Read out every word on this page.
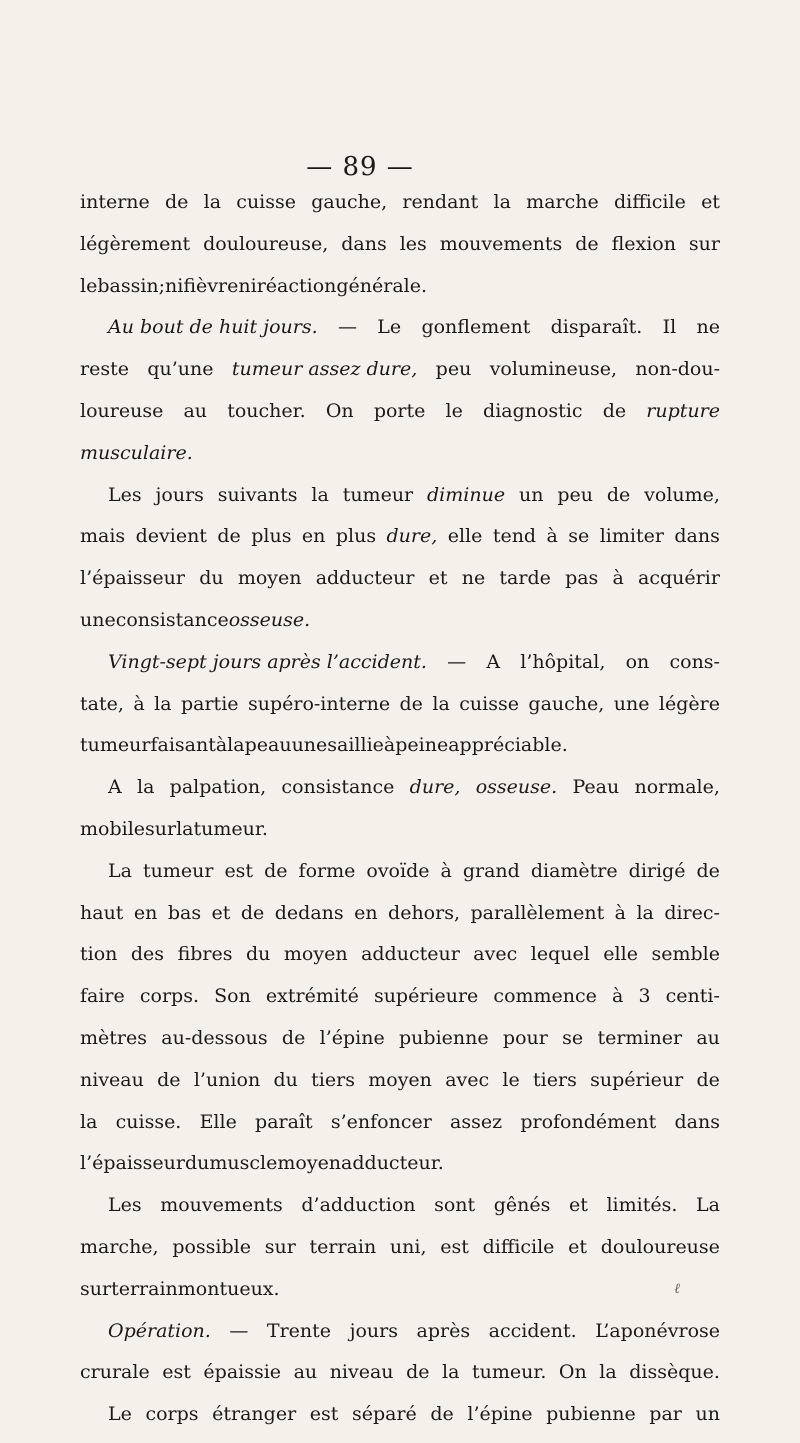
— 89 —
interne de la cuisse gauche, rendant la marche difficile et
légèrement douloureuse, dans les mouvements de flexion sur
le bassin ; ni fièvre ni réaction générale.
Au bout de huit jours. — Le gonflement disparaît. Il ne
reste qu’une tumeur assez dure, peu volumineuse, non-dou-
loureuse au toucher. On porte le diagnostic de rupture
musculaire.
Les jours suivants la tumeur diminue un peu de volume,
mais devient de plus en plus dure, elle tend à se limiter dans
l’épaisseur du moyen adducteur et ne tarde pas à acquérir
une consistance osseuse.
Vingt-sept jours après l’accident. — A l’hôpital, on cons-
tate, à la partie supéro-interne de la cuisse gauche, une légère
tumeur faisant à la peau une saillie à peine appréciable.
A la palpation, consistance dure, osseuse. Peau normale,
mobile sur la tumeur.
La tumeur est de forme ovoïde à grand diamètre dirigé de
haut en bas et de dedans en dehors, parallèlement à la direc-
tion des fibres du moyen adducteur avec lequel elle semble
faire corps. Son extrémité supérieure commence à 3 centi-
mètres au-dessous de l’épine pubienne pour se terminer au
niveau de l’union du tiers moyen avec le tiers supérieur de
la cuisse. Elle paraît s’enfoncer assez profondément dans
l’épaisseur du muscle moyen adducteur.
Les mouvements d’adduction sont gênés et limités. La
marche, possible sur terrain uni, est difficile et douloureuse
sur terrain montueux.	ℓ
Opération. — Trente jours après accident. L’aponévrose
crurale est épaissie au niveau de la tumeur. On la dissèque.
Le corps étranger est séparé de l’épine pubienne par un
